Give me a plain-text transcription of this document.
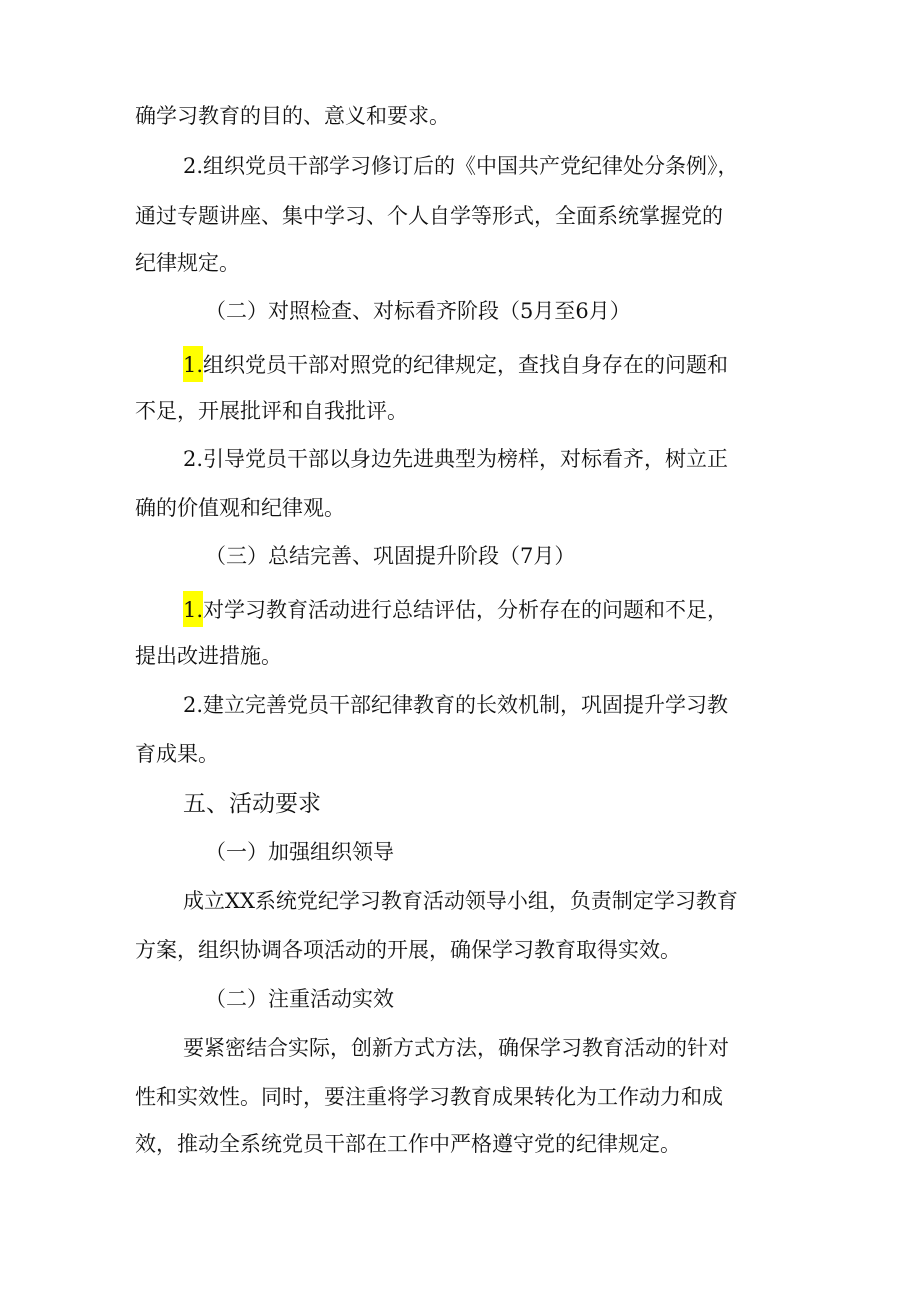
确学习教育的目的、意义和要求。
2.组织党员干部学习修订后的《中国共产党纪律处分条例》，
通过专题讲座、集中学习、个人自学等形式，全面系统掌握党的
纪律规定。
（二）对照检查、对标看齐阶段（5月至6月）
1.组织党员干部对照党的纪律规定，查找自身存在的问题和
不足，开展批评和自我批评。
2.引导党员干部以身边先进典型为榜样，对标看齐，树立正
确的价值观和纪律观。
（三）总结完善、巩固提升阶段（7月）
1.对学习教育活动进行总结评估，分析存在的问题和不足，
提出改进措施。
2.建立完善党员干部纪律教育的长效机制，巩固提升学习教
育成果。
五、活动要求
（一）加强组织领导
成立XX系统党纪学习教育活动领导小组，负责制定学习教育
方案，组织协调各项活动的开展，确保学习教育取得实效。
（二）注重活动实效
要紧密结合实际，创新方式方法，确保学习教育活动的针对
性和实效性。同时，要注重将学习教育成果转化为工作动力和成
效，推动全系统党员干部在工作中严格遵守党的纪律规定。
